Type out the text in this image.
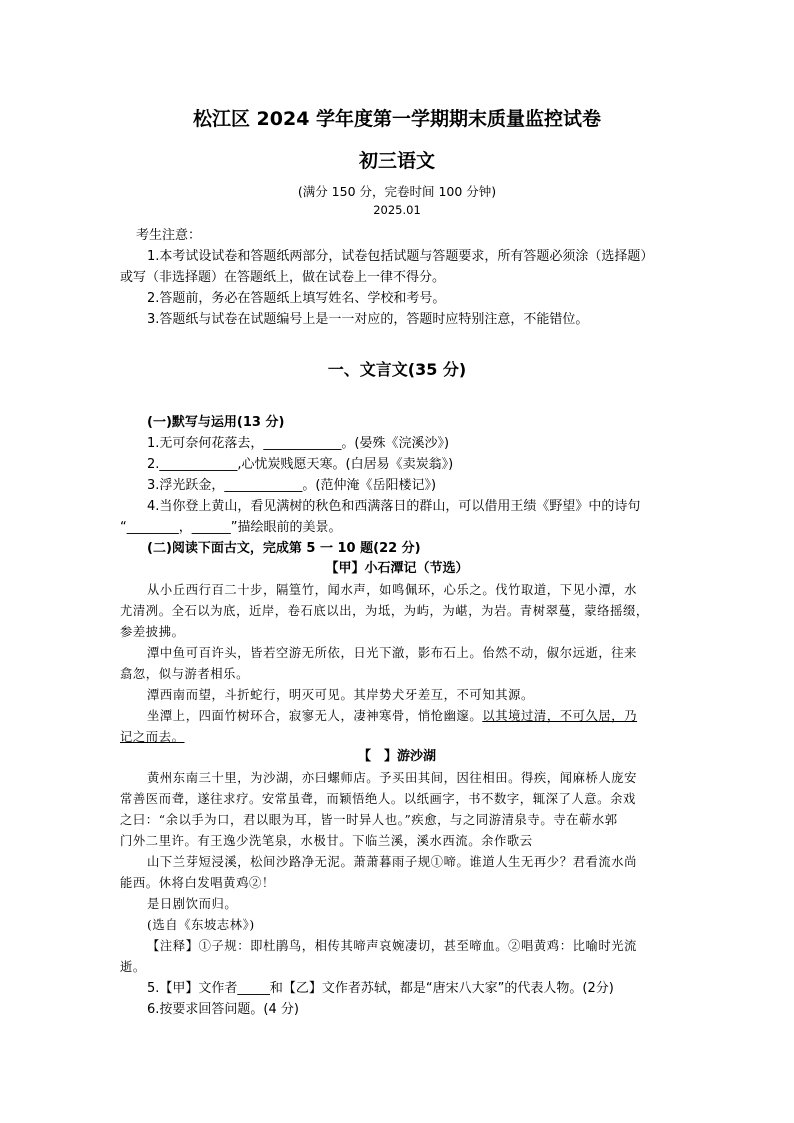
松江区 2024 学年度第一学期期末质量监控试卷
初三语文
(满分 150 分，完卷时间 100 分钟)
2025.01
考生注意：
1.本考试设试卷和答题纸两部分，试卷包括试题与答题要求，所有答题必须涂（选择题）
或写（非选择题）在答题纸上，做在试卷上一律不得分。
2.答题前，务必在答题纸上填写姓名、学校和考号。
3.答题纸与试卷在试题编号上是一一对应的，答题时应特别注意，不能错位。
一、文言文(35 分)
(一)默写与运用(13 分)
1.无可奈何花落去，____________。(晏殊《浣溪沙》)
2.____________,心忧炭贱愿天寒。(白居易《卖炭翁》)
3.浮光跃金，____________。(范仲淹《岳阳楼记》)
4.当你登上黄山，看见满树的秋色和西满落日的群山，可以借用王绩《野望》中的诗句
“________，______”描绘眼前的美景。
(二)阅读下面古文，完成第 5 一 10 题(22 分)
【甲】小石潭记（节选）
从小丘西行百二十步，隔篁竹，闻水声，如鸣佩环，心乐之。伐竹取道，下见小潭，水
尤清冽。全石以为底，近岸，卷石底以出，为坻，为屿，为嵁，为岩。青树翠蔓，蒙络摇缀，
参差披拂。
潭中鱼可百许头，皆若空游无所依，日光下澈，影布石上。佁然不动，俶尔远逝，往来
翕忽，似与游者相乐。
潭西南而望，斗折蛇行，明灭可见。其岸势犬牙差互，不可知其源。
坐潭上，四面竹树环合，寂寥无人，凄神寒骨，悄怆幽邃。以其境过清，不可久居，乃
记之而去。
【　】游沙湖
黄州东南三十里，为沙湖，亦曰螺师店。予买田其间，因往相田。得疾，闻麻桥人庞安
常善医而聋，遂往求疗。安常虽聋，而颖悟绝人。以纸画字，书不数字，辄深了人意。余戏
之曰：“余以手为口，君以眼为耳，皆一时异人也。”疾愈，与之同游清泉寺。寺在蕲水郭
门外二里许。有王逸少洗笔泉，水极甘。下临兰溪，溪水西流。余作歌云
山下兰芽短浸溪，松间沙路净无泥。萧萧暮雨子规①啼。谁道人生无再少？君看流水尚
能西。休将白发唱黄鸡②！
是日剧饮而归。
(选自《东坡志林》)
【注释】①子规：即杜鹃鸟，相传其啼声哀婉凄切，甚至啼血。②唱黄鸡：比喻时光流
逝。
5.【甲】文作者_____和【乙】文作者苏轼，都是“唐宋八大家”的代表人物。(2分)
6.按要求回答问题。(4 分)
